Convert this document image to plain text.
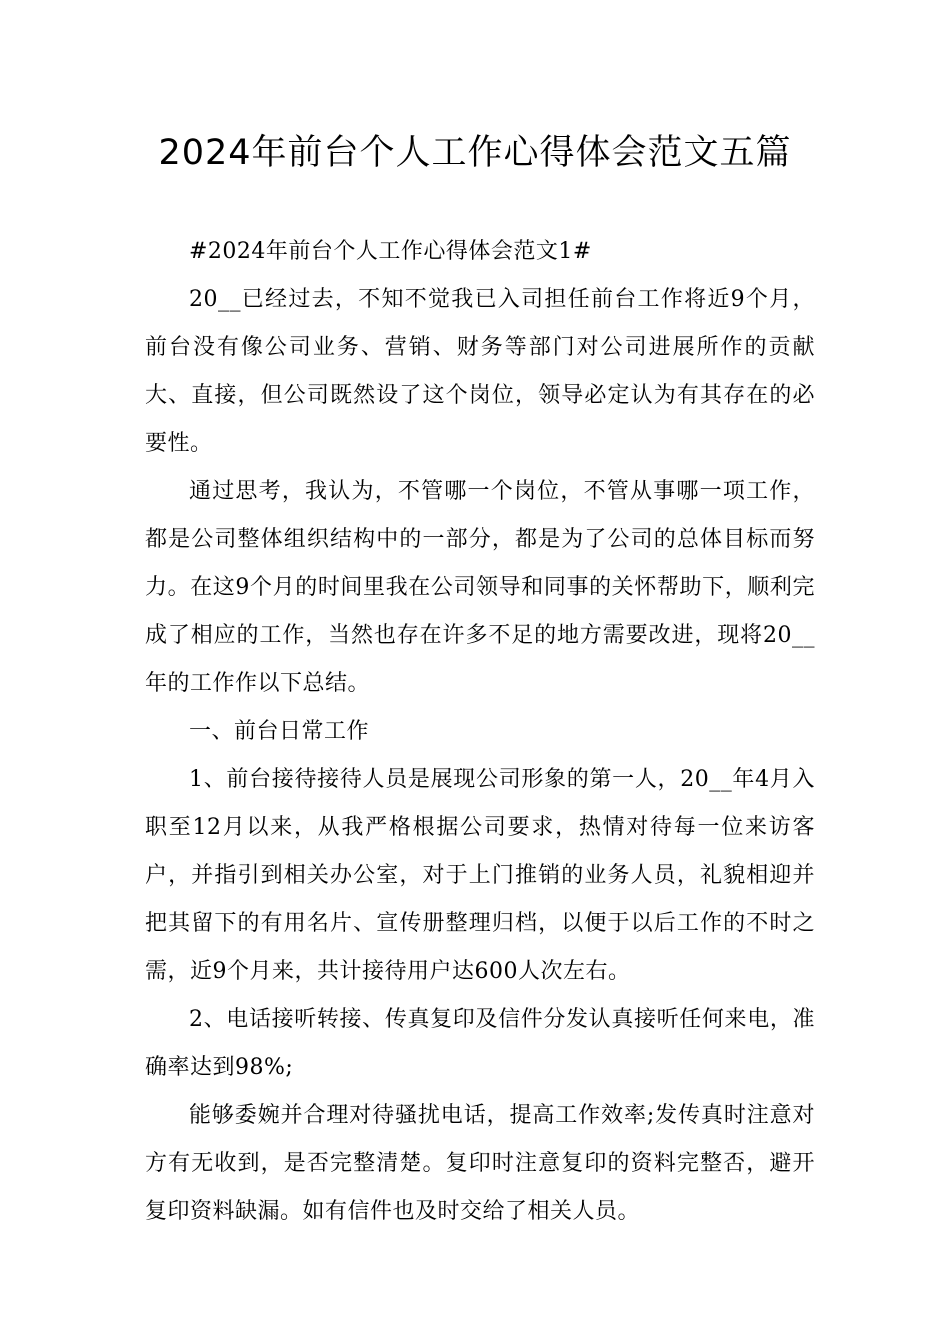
2024年前台个人工作心得体会范文五篇

#2024年前台个人工作心得体会范文1#

20__已经过去，不知不觉我已入司担任前台工作将近9个月，前台没有像公司业务、营销、财务等部门对公司进展所作的贡献大、直接，但公司既然设了这个岗位，领导必定认为有其存在的必要性。

通过思考，我认为，不管哪一个岗位，不管从事哪一项工作，都是公司整体组织结构中的一部分，都是为了公司的总体目标而努力。在这9个月的时间里我在公司领导和同事的关怀帮助下，顺利完成了相应的工作，当然也存在许多不足的地方需要改进，现将20__年的工作作以下总结。

一、前台日常工作

1、前台接待接待人员是展现公司形象的第一人，20__年4月入职至12月以来，从我严格根据公司要求，热情对待每一位来访客户，并指引到相关办公室，对于上门推销的业务人员，礼貌相迎并把其留下的有用名片、宣传册整理归档，以便于以后工作的不时之需，近9个月来，共计接待用户达600人次左右。

2、电话接听转接、传真复印及信件分发认真接听任何来电，准确率达到98%;

能够委婉并合理对待骚扰电话，提高工作效率;发传真时注意对方有无收到，是否完整清楚。复印时注意复印的资料完整否，避开复印资料缺漏。如有信件也及时交给了相关人员。
